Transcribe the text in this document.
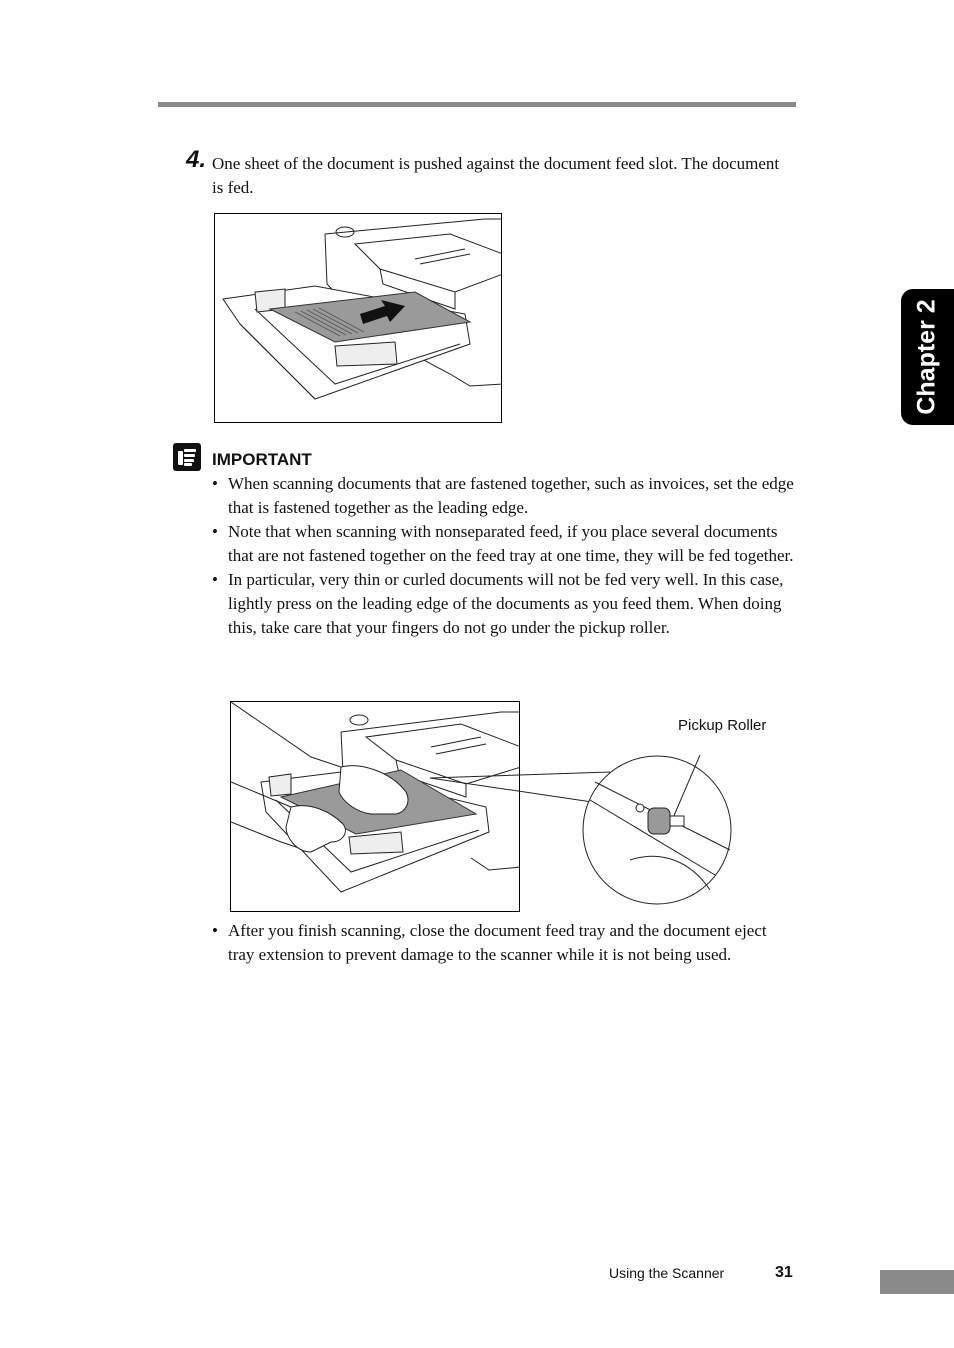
4. One sheet of the document is pushed against the document feed slot. The document is fed.
IMPORTANT
• When scanning documents that are fastened together, such as invoices, set the edge that is fastened together as the leading edge.
• Note that when scanning with nonseparated feed, if you place several documents that are not fastened together on the feed tray at one time, they will be fed together.
• In particular, very thin or curled documents will not be fed very well. In this case, lightly press on the leading edge of the documents as you feed them. When doing this, take care that your fingers do not go under the pickup roller.
Pickup Roller
• After you finish scanning, close the document feed tray and the document eject tray extension to prevent damage to the scanner while it is not being used.
Chapter 2
Using the Scanner	31
